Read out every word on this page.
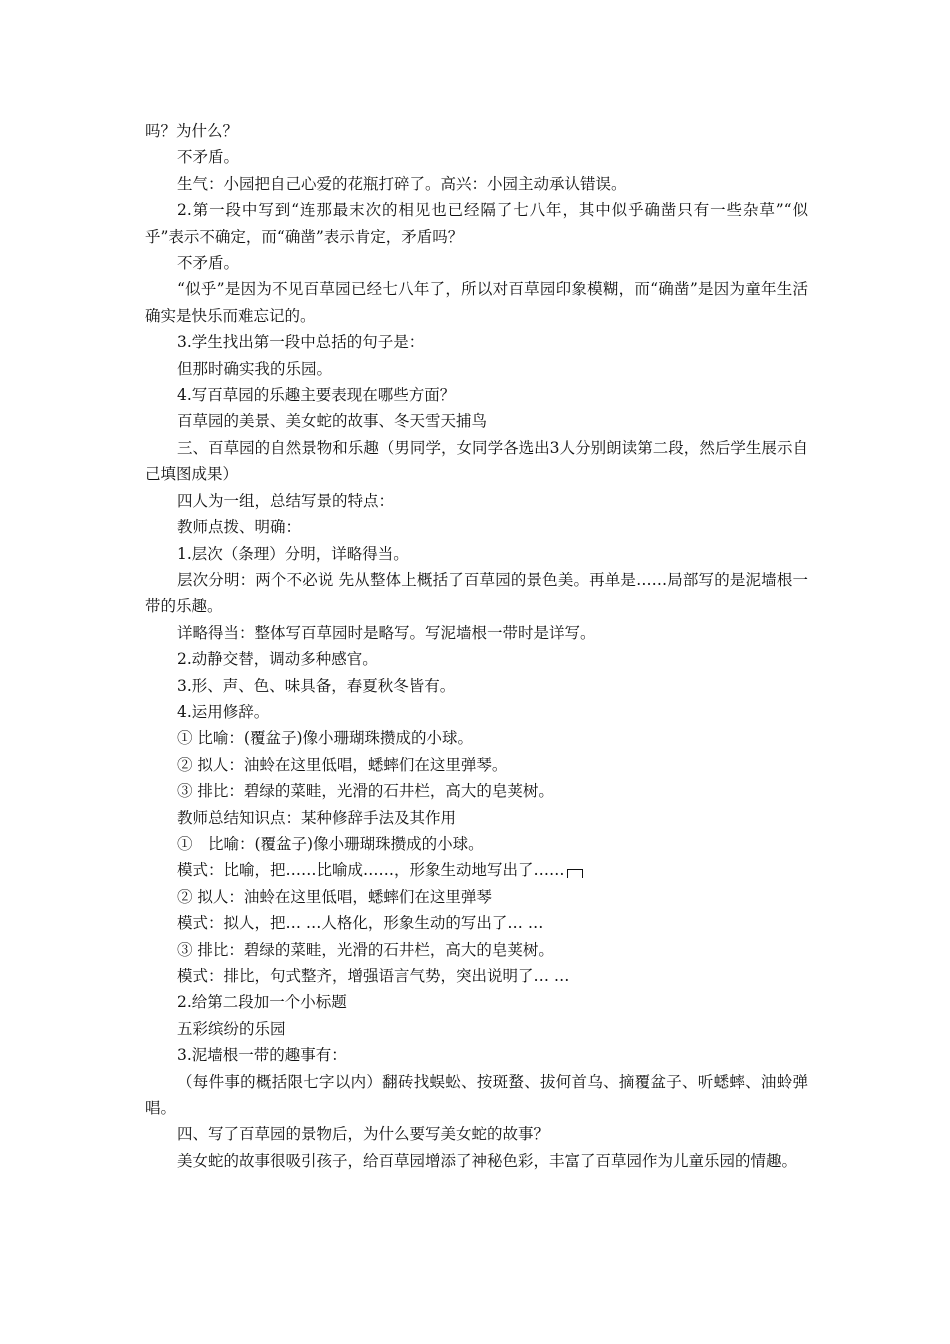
吗？为什么？

不矛盾。

生气：小园把自己心爱的花瓶打碎了。高兴：小园主动承认错误。

2.第一段中写到“连那最末次的相见也已经隔了七八年，其中似乎确凿只有一些杂草”“似乎”表示不确定，而“确凿”表示肯定，矛盾吗？

不矛盾。

“似乎”是因为不见百草园已经七八年了，所以对百草园印象模糊，而“确凿”是因为童年生活确实是快乐而难忘记的。

3.学生找出第一段中总括的句子是：

但那时确实我的乐园。

4.写百草园的乐趣主要表现在哪些方面？

百草园的美景、美女蛇的故事、冬天雪天捕鸟

三、百草园的自然景物和乐趣（男同学，女同学各选出3人分别朗读第二段，然后学生展示自己填图成果）

四人为一组，总结写景的特点：

教师点拨、明确：

1.层次（条理）分明，详略得当。

层次分明：两个不必说 先从整体上概括了百草园的景色美。再单是……局部写的是泥墙根一带的乐趣。

详略得当：整体写百草园时是略写。写泥墙根一带时是详写。

2.动静交替，调动多种感官。

3.形、声、色、味具备，春夏秋冬皆有。

4.运用修辞。

① 比喻：(覆盆子)像小珊瑚珠攒成的小球。

② 拟人：油蛉在这里低唱，蟋蟀们在这里弹琴。

③ 排比：碧绿的菜畦，光滑的石井栏，高大的皂荚树。

教师总结知识点：某种修辞手法及其作用

①　比喻：(覆盆子)像小珊瑚珠攒成的小球。

模式：比喻，把……比喻成……，形象生动地写出了……

② 拟人：油蛉在这里低唱，蟋蟀们在这里弹琴

模式：拟人，把… …人格化，形象生动的写出了… …

③ 排比：碧绿的菜畦，光滑的石井栏，高大的皂荚树。

模式：排比，句式整齐，增强语言气势，突出说明了… …

2.给第二段加一个小标题

五彩缤纷的乐园

3.泥墙根一带的趣事有：

（每件事的概括限七字以内）翻砖找蜈蚣、按斑蝥、拔何首乌、摘覆盆子、听蟋蟀、油蛉弹唱。

四、写了百草园的景物后，为什么要写美女蛇的故事？

美女蛇的故事很吸引孩子，给百草园增添了神秘色彩，丰富了百草园作为儿童乐园的情趣。
